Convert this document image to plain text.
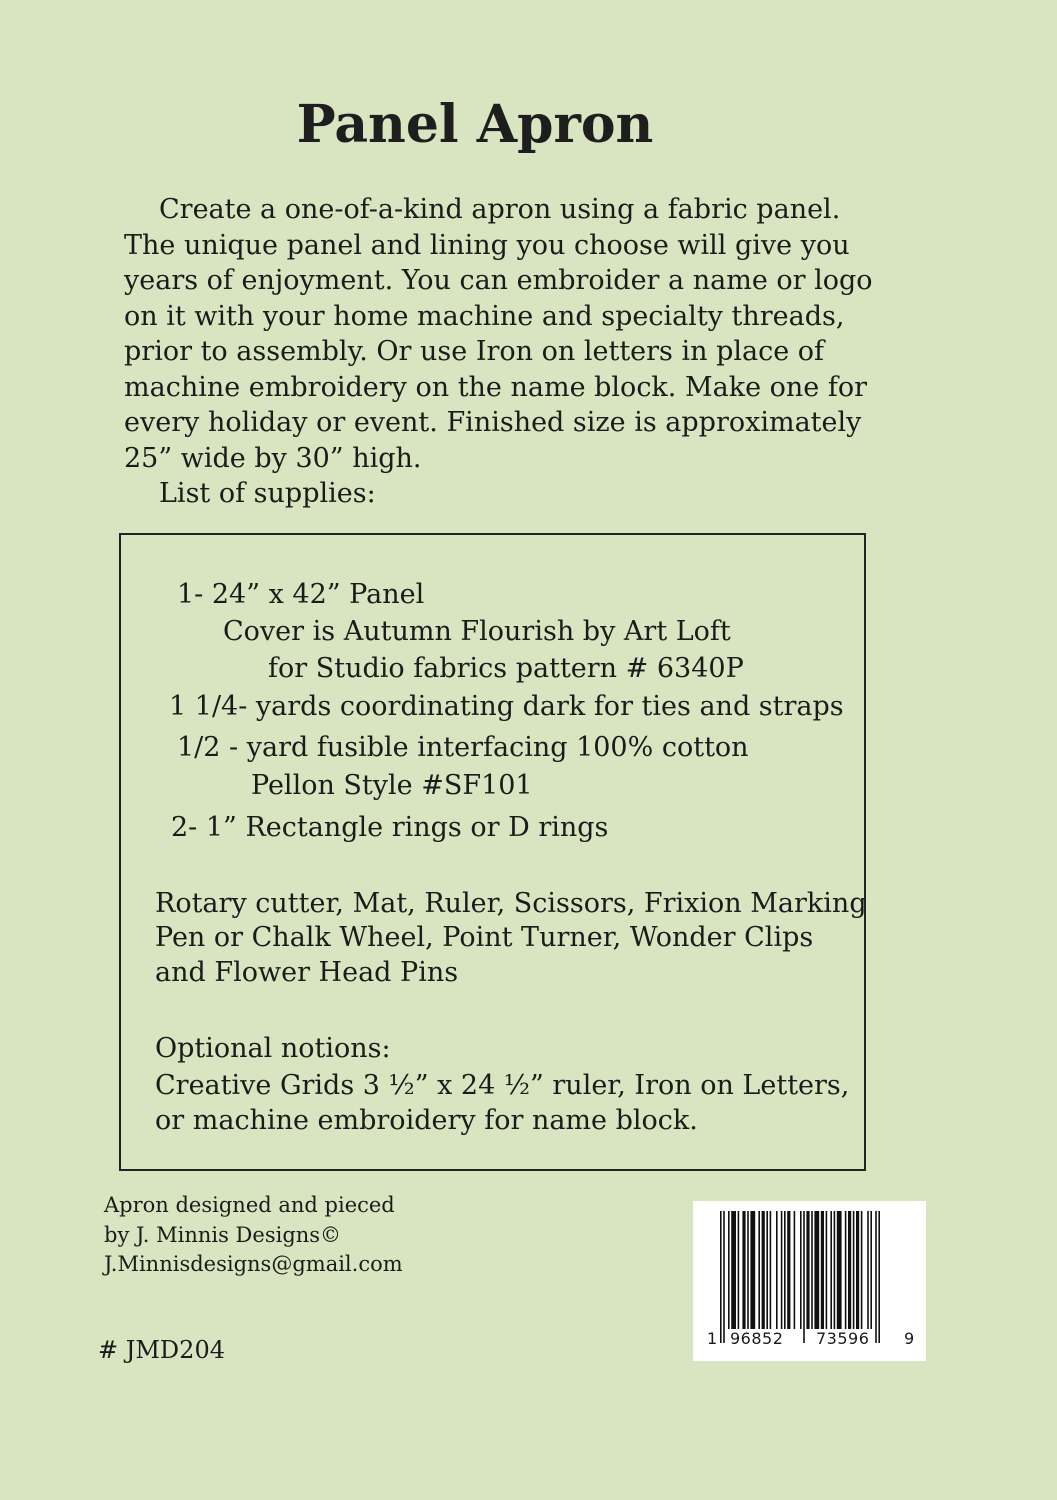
Panel Apron
Create a one-of-a-kind apron using a fabric panel.
The unique panel and lining you choose will give you
years of enjoyment. You can embroider a name or logo
on it with your home machine and specialty threads,
prior to assembly. Or use Iron on letters in place of
machine embroidery on the name block. Make one for
every holiday or event. Finished size is approximately
25” wide by 30” high.
List of supplies:
1- 24” x 42” Panel
Cover is Autumn Flourish by Art Loft
for Studio fabrics pattern # 6340P
1 1/4- yards coordinating dark for ties and straps
1/2 - yard fusible interfacing 100% cotton
Pellon Style #SF101
2- 1” Rectangle rings or D rings
Rotary cutter, Mat, Ruler, Scissors, Frixion Marking
Pen or Chalk Wheel, Point Turner, Wonder Clips
and Flower Head Pins
Optional notions:
Creative Grids 3 ½” x 24 ½” ruler, Iron on Letters,
or machine embroidery for name block.
Apron designed and pieced
by J. Minnis Designs©
J.Minnisdesigns@gmail.com
# JMD204	1 96852 73596 9
